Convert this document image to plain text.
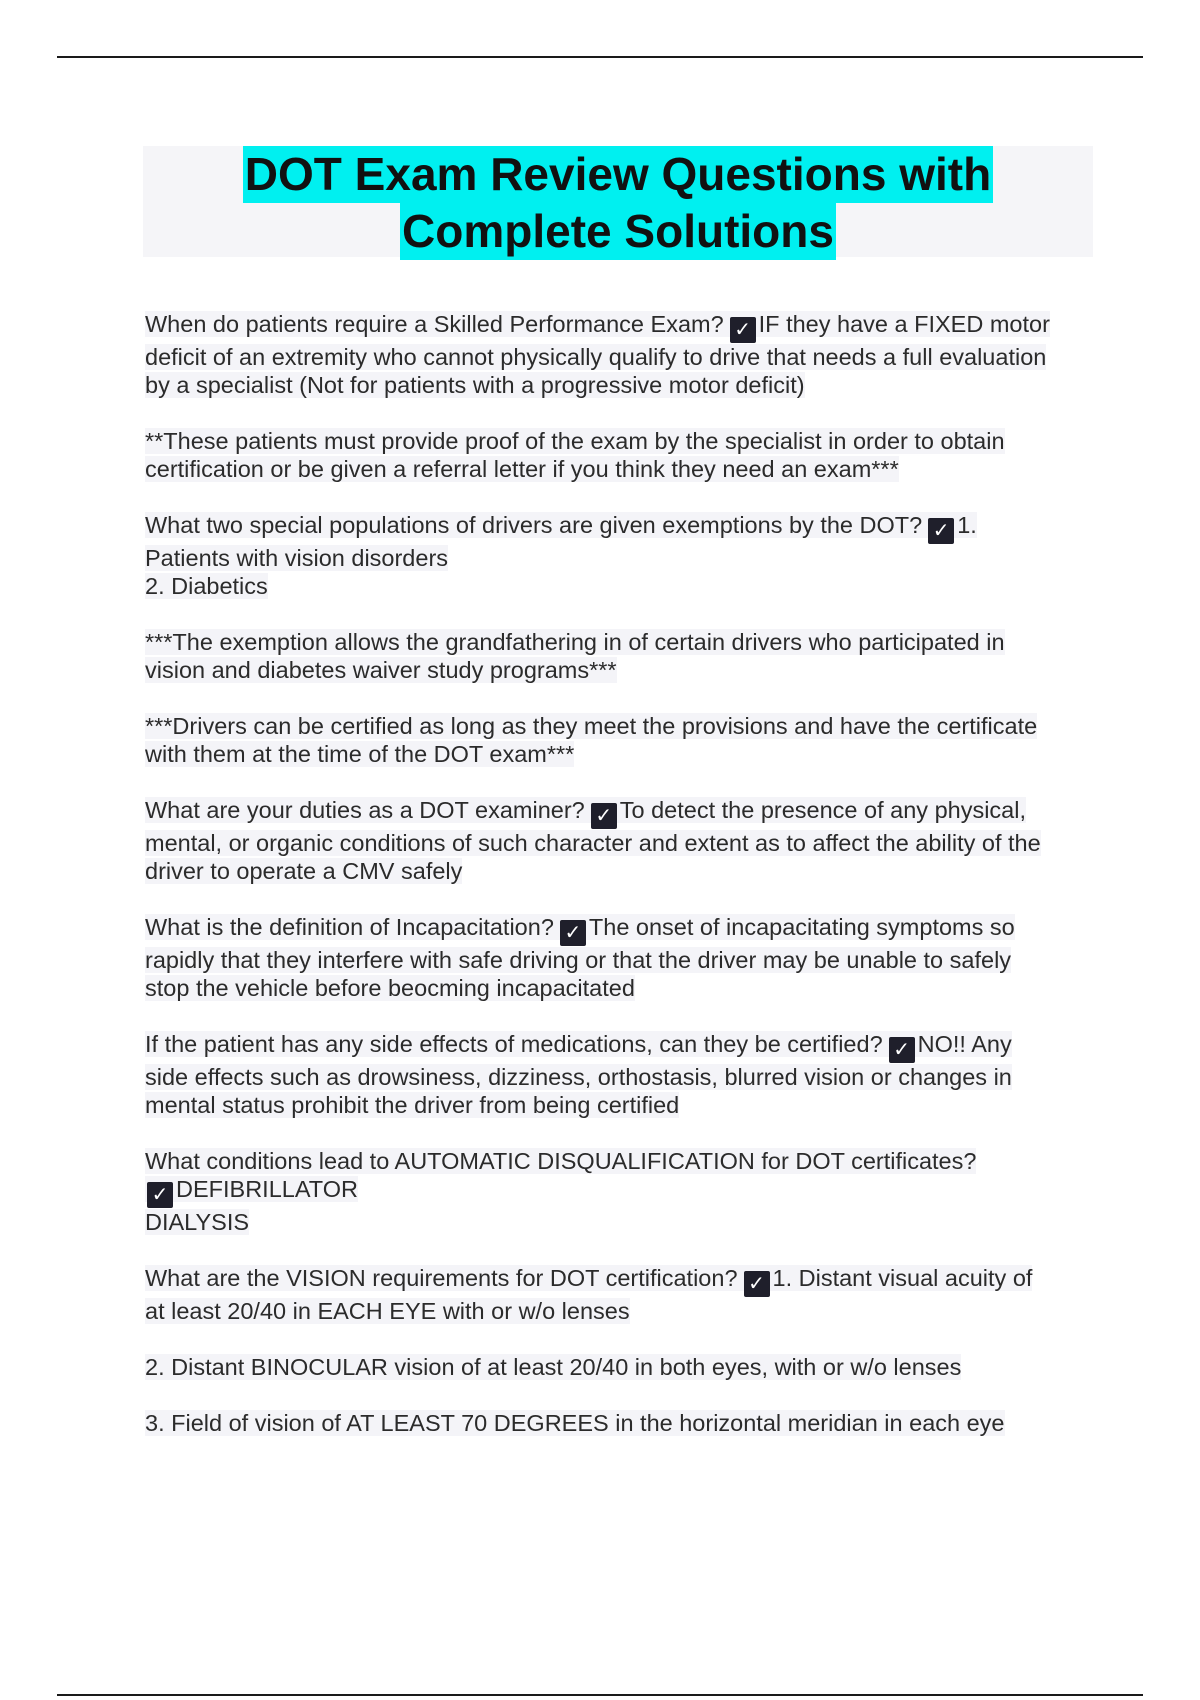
DOT Exam Review Questions with
Complete Solutions
When do patients require a Skilled Performance Exam? ✓ IF they have a FIXED motor
deficit of an extremity who cannot physically qualify to drive that needs a full evaluation
by a specialist (Not for patients with a progressive motor deficit)
**These patients must provide proof of the exam by the specialist in order to obtain
certification or be given a referral letter if you think they need an exam***
What two special populations of drivers are given exemptions by the DOT? ✓ 1.
Patients with vision disorders
2. Diabetics
***The exemption allows the grandfathering in of certain drivers who participated in
vision and diabetes waiver study programs***
***Drivers can be certified as long as they meet the provisions and have the certificate
with them at the time of the DOT exam***
What are your duties as a DOT examiner? ✓ To detect the presence of any physical,
mental, or organic conditions of such character and extent as to affect the ability of the
driver to operate a CMV safely
What is the definition of Incapacitation? ✓ The onset of incapacitating symptoms so
rapidly that they interfere with safe driving or that the driver may be unable to safely
stop the vehicle before beocming incapacitated
If the patient has any side effects of medications, can they be certified? ✓ NO!! Any
side effects such as drowsiness, dizziness, orthostasis, blurred vision or changes in
mental status prohibit the driver from being certified
What conditions lead to AUTOMATIC DISQUALIFICATION for DOT certificates?
✓ DEFIBRILLATOR
DIALYSIS
What are the VISION requirements for DOT certification? ✓ 1. Distant visual acuity of
at least 20/40 in EACH EYE with or w/o lenses
2. Distant BINOCULAR vision of at least 20/40 in both eyes, with or w/o lenses
3. Field of vision of AT LEAST 70 DEGREES in the horizontal meridian in each eye
